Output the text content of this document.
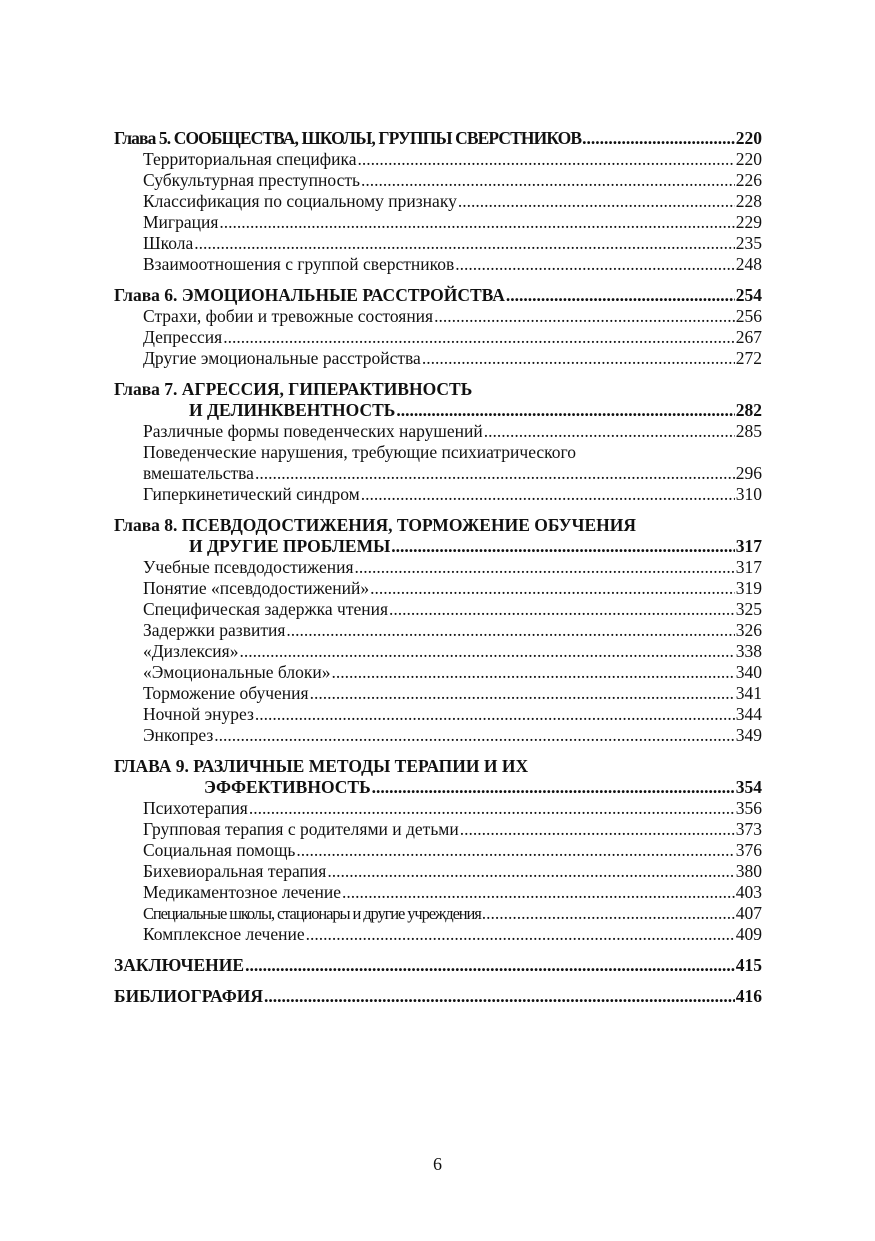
Глава 5. СООБЩЕСТВА, ШКОЛЫ, ГРУППЫ СВЕРСТНИКОВ .....	220
Территориальная специфика .....	220
Субкультурная преступность .....	226
Классификация по социальному признаку .....	228
Миграция .....	229
Школа .....	235
Взаимоотношения с группой сверстников .....	248
Глава 6. ЭМОЦИОНАЛЬНЫЕ РАССТРОЙСТВА .....	254
Страхи, фобии и тревожные состояния .....	256
Депрессия .....	267
Другие эмоциональные расстройства .....	272
Глава 7. АГРЕССИЯ, ГИПЕРАКТИВНОСТЬ
И ДЕЛИНКВЕНТНОСТЬ .....	282
Различные формы поведенческих нарушений .....	285
Поведенческие нарушения, требующие психиатрического
вмешательства .....	296
Гиперкинетический синдром .....	310
Глава 8. ПСЕВДОДОСТИЖЕНИЯ, ТОРМОЖЕНИЕ ОБУЧЕНИЯ
И ДРУГИЕ ПРОБЛЕМЫ .....	317
Учебные псевдодостижения .....	317
Понятие «псевдодостижений» .....	319
Специфическая задержка чтения .....	325
Задержки развития .....	326
«Дизлексия» .....	338
«Эмоциональные блоки» .....	340
Торможение обучения .....	341
Ночной энурез .....	344
Энкопрез .....	349
ГЛАВА 9. РАЗЛИЧНЫЕ МЕТОДЫ ТЕРАПИИ И ИХ
ЭФФЕКТИВНОСТЬ .....	354
Психотерапия .....	356
Групповая терапия с родителями и детьми .....	373
Социальная помощь .....	376
Бихевиоральная терапия .....	380
Медикаментозное лечение .....	403
Специальные школы, стационары и другие учреждения .....	407
Комплексное лечение .....	409
ЗАКЛЮЧЕНИЕ .....	415
БИБЛИОГРАФИЯ .....	416
6
